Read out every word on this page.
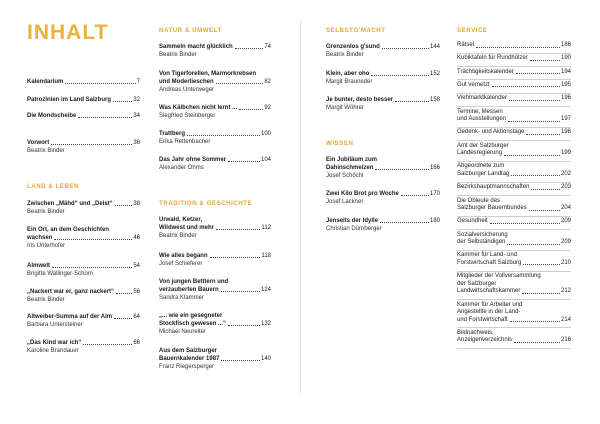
INHALT
Kalendarium	7
Patrozinien im Land Salzburg	32
Die Mondscheibe	34
Vorwort	36
Beatrix Binder
LAND & LEBEN
Zwischen „Mähd“ und „Deist“	38
Beatrix Binder
Ein Ort, an dem Geschichten
wachsen	46
Iris Unterhofer
Almwelt	54
Brigitte Wallinger-Schorn
„Nackert war er, ganz nackert“	56
Beatrix Binder
Altweiber-Summa auf der Alm	64
Barbara Untersteiner
„Das Kind war ich“	66
Karoline Brandauer
NATUR & UMWELT
Sammeln macht glücklich	74
Beatrix Binder
Von Tigerforellen, Marmorkrebsen
und Moderlieschen	82
Andreas Unterweger
Was Kälbchen nicht lernt ...	92
Siegfried Steinberger
Trattberg	100
Erika Rettenbacher
Das Jahr ohne Sommer	104
Alexander Ohms
TRADITION & GESCHICHTE
Urwald, Ketzer,
Wildwest und mehr	112
Beatrix Binder
Wie alles begann	118
Josef Schieferer
Von jungen Bettlern und
verzauberten Bauern	124
Sandra Klammer
„... wie ein gesegneter
Stockfisch gewesen ...“	132
Michael Neureiter
Aus dem Salzburger
Bauernkalender 1987	140
Franz Riegersperger
SELBSTG'MACHT
Grenzenlos g'sund	144
Beatrix Binder
Klein, aber oho	152
Margit Brauneder
Je bunter, desto besser	158
Margit Wöhrer
WISSEN
Ein Jubiläum zum
Dahinschmelzen	166
Josef Schöchl
Zwei Kilo Brot pro Woche	170
Josef Lackner
Jenseits der Idylle	180
Christian Dürnberger
SERVICE
Rätsel	186
Kubiktafeln für Rundhölzer	190
Trächtigkeitskalender	194
Gut vernetzt	195
Viehmarktkalender	196
Termine, Messen
und Ausstellungen	197
Gedenk- und Aktionstage	198
Amt der Salzburger
Landesregierung	199
Abgeordnete zum
Salzburger Landtag	202
Bezirkshauptmannschaften	203
Die Obleute des
Salzburger Bauernbundes	204
Gesundheit	209
Sozialversicherung
der Selbständigen	209
Kammer für Land- und
Forstwirtschaft Salzburg	210
Mitglieder der Vollversammlung
der Salzburger
Landwirtschaftskammer	212
Kammer für Arbeiter und
Angestellte in der Land-
und Forstwirtschaft	214
Bildnachweis,
Anzeigenverzeichnis	216
